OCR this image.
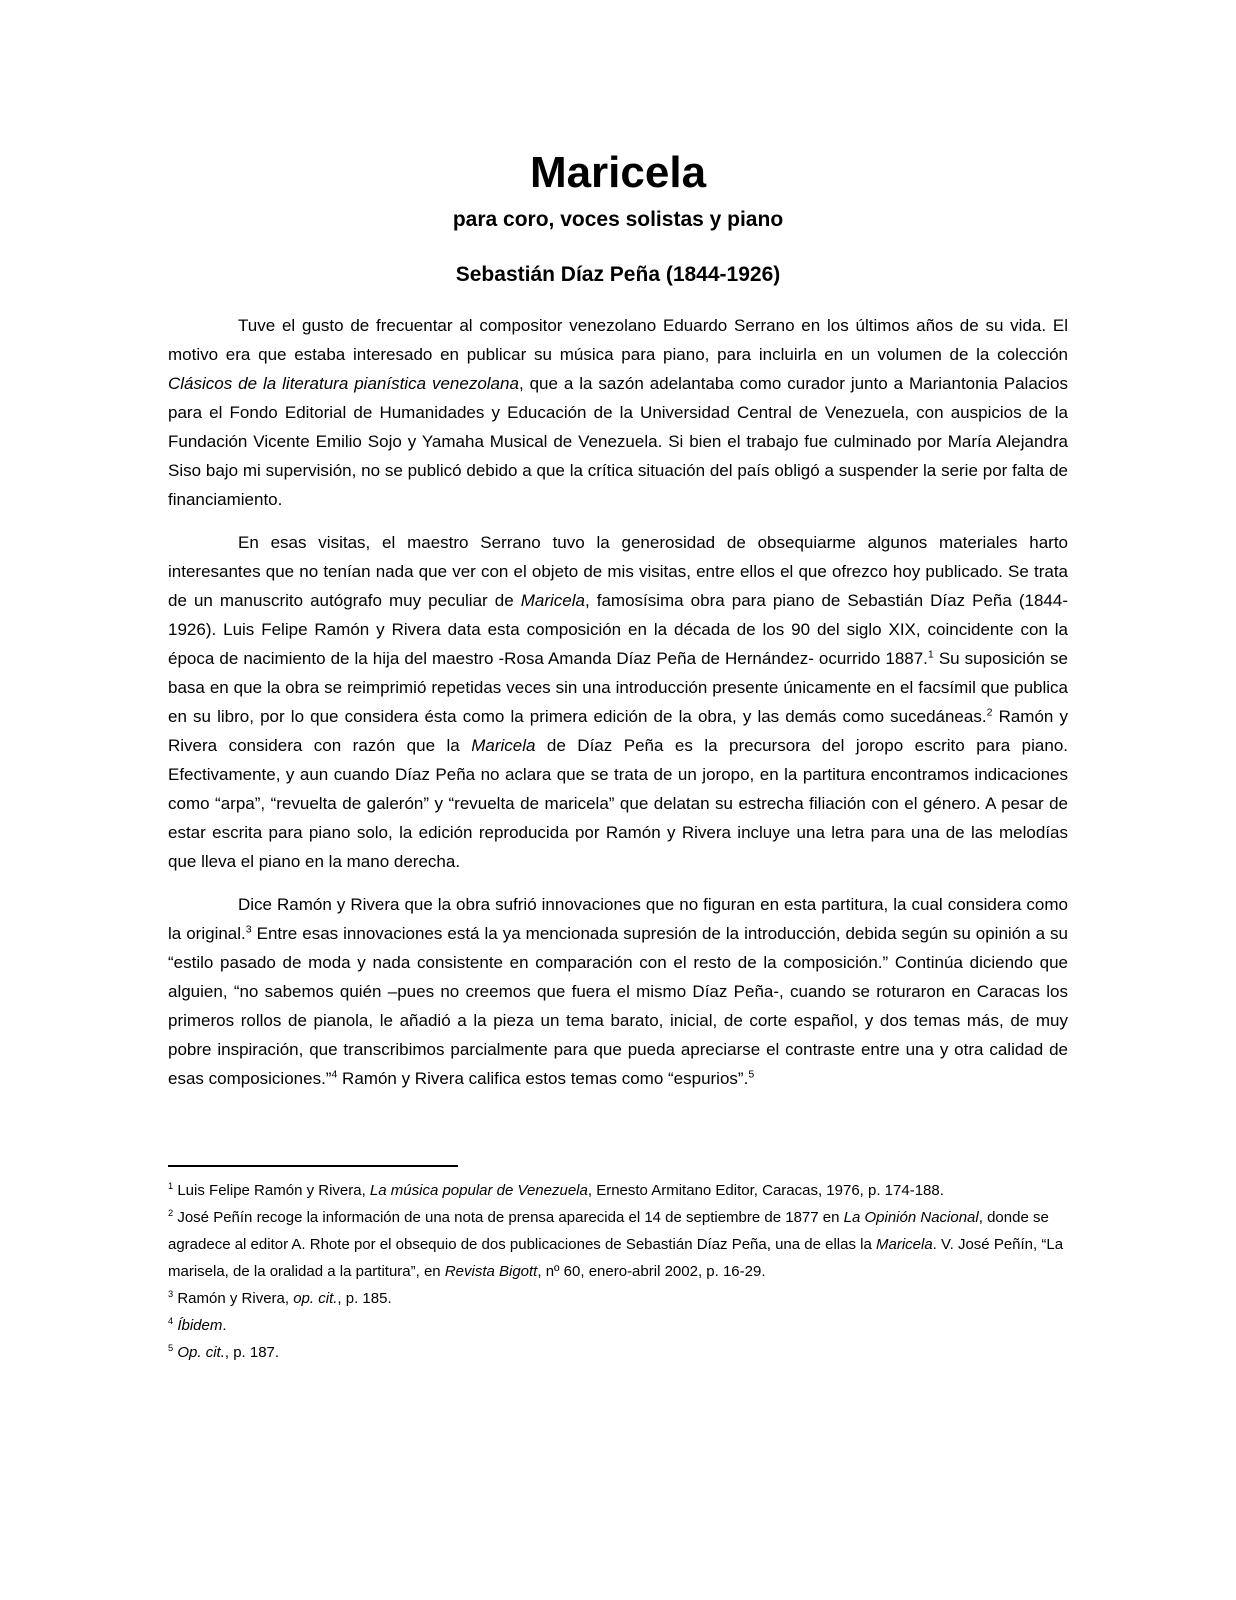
Maricela
para coro, voces solistas y piano
Sebastián Díaz Peña (1844-1926)
Tuve el gusto de frecuentar al compositor venezolano Eduardo Serrano en los últimos años de su vida. El motivo era que estaba interesado en publicar su música para piano, para incluirla en un volumen de la colección Clásicos de la literatura pianística venezolana, que a la sazón adelantaba como curador junto a Mariantonia Palacios para el Fondo Editorial de Humanidades y Educación de la Universidad Central de Venezuela, con auspicios de la Fundación Vicente Emilio Sojo y Yamaha Musical de Venezuela. Si bien el trabajo fue culminado por María Alejandra Siso bajo mi supervisión, no se publicó debido a que la crítica situación del país obligó a suspender la serie por falta de financiamiento.
En esas visitas, el maestro Serrano tuvo la generosidad de obsequiarme algunos materiales harto interesantes que no tenían nada que ver con el objeto de mis visitas, entre ellos el que ofrezco hoy publicado. Se trata de un manuscrito autógrafo muy peculiar de Maricela, famosísima obra para piano de Sebastián Díaz Peña (1844-1926). Luis Felipe Ramón y Rivera data esta composición en la década de los 90 del siglo XIX, coincidente con la época de nacimiento de la hija del maestro -Rosa Amanda Díaz Peña de Hernández- ocurrido 1887.$^1$ Su suposición se basa en que la obra se reimprimió repetidas veces sin una introducción presente únicamente en el facsímil que publica en su libro, por lo que considera ésta como la primera edición de la obra, y las demás como sucedáneas.$^2$ Ramón y Rivera considera con razón que la Maricela de Díaz Peña es la precursora del joropo escrito para piano. Efectivamente, y aun cuando Díaz Peña no aclara que se trata de un joropo, en la partitura encontramos indicaciones como “arpa”, “revuelta de galerón” y “revuelta de maricela” que delatan su estrecha filiación con el género. A pesar de estar escrita para piano solo, la edición reproducida por Ramón y Rivera incluye una letra para una de las melodías que lleva el piano en la mano derecha.
Dice Ramón y Rivera que la obra sufrió innovaciones que no figuran en esta partitura, la cual considera como la original.$^3$ Entre esas innovaciones está la ya mencionada supresión de la introducción, debida según su opinión a su “estilo pasado de moda y nada consistente en comparación con el resto de la composición.” Continúa diciendo que alguien, “no sabemos quién –pues no creemos que fuera el mismo Díaz Peña-, cuando se roturaron en Caracas los primeros rollos de pianola, le añadió a la pieza un tema barato, inicial, de corte español, y dos temas más, de muy pobre inspiración, que transcribimos parcialmente para que pueda apreciarse el contraste entre una y otra calidad de esas composiciones.”$^4$ Ramón y Rivera califica estos temas como “espurios”.$^5$
$^1$ Luis Felipe Ramón y Rivera, La música popular de Venezuela, Ernesto Armitano Editor, Caracas, 1976, p. 174-188.
$^2$ José Peñín recoge la información de una nota de prensa aparecida el 14 de septiembre de 1877 en La Opinión Nacional, donde se agradece al editor A. Rhote por el obsequio de dos publicaciones de Sebastián Díaz Peña, una de ellas la Maricela. V. José Peñín, “La marisela, de la oralidad a la partitura”, en Revista Bigott, nº 60, enero-abril 2002, p. 16-29.
$^3$ Ramón y Rivera, op. cit., p. 185.
$^4$ Íbidem.
$^5$ Op. cit., p. 187.
